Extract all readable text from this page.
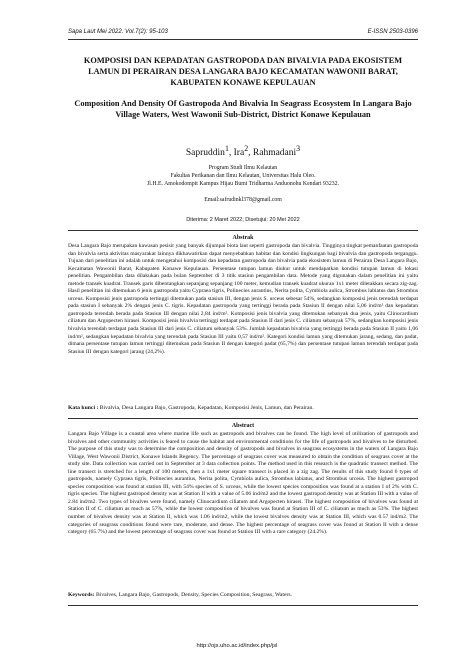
Sapa Laut Mei 2022. Vol.7(2): 95-103	E-ISSN 2503-0396
KOMPOSISI DAN KEPADATAN GASTROPODA DAN BIVALVIA PADA EKOSISTEM LAMUN DI PERAIRAN DESA LANGARA BAJO KECAMATAN WAWONII BARAT, KABUPATEN KONAWE KEPULAUAN
Composition And Density Of Gastropoda And Bivalvia In Seagrass Ecosystem In Langara Bajo Village Waters, West Wawonii Sub-District, District Konawe Kepulauan
Sapruddin$^1$, Ira$^2$, Rahmadani$^3$
Program Studi Ilmu Kelautan
Fakultas Perikanan dan Ilmu Kelautan, Universitas Halu Oleo.
Jl.H.E. Amokodompit Kampus Hijau Bumi Tridharma Anduonohu Kendari 93232.
Email:safrudinkl378@gmail.com
Diterima: 2 Maret 2022; Disetujui: 20 Mei 2022
Abstrak
Desa Langara Bajo merupakan kawasan pesisir yang banyak dijumpai biota laut seperti gastropoda dan bivalvia. Tingginya tingkat pemanfaatan gastropoda dan bivalvia serta aktivitas masyarakat lainnya dikhawatirkan dapat menyebabkan habitat dan kondisi lingkungan bagi bivalvia dan gastropoda terganggu. Tujuan dari penelitian ini adalah untuk mengetahui komposisi dan kepadatan gastropoda dan bivalvia pada ekosistem lamun di Perairan Desa Langara Bajo, Kecamatan Wawonii Barat, Kabupaten Konawe Kepulauan. Persentase tutupan lamun diukur untuk mendapatkan kondisi tutupan lamun di lokasi penelitian. Pengambilan data dilakukan pada bulan September di 3 titik stasiun pengambilan data. Metode yang digunakan dalam penelitian ini yaitu metode transek kuadrat. Transek garis dibentangkan sepanjang sepanjang 100 meter, kemudian transek kuadrat ukuran 1x1 meter diletakkan secara zig-zag. Hasil penelitian ini ditemukan 6 jenis gastropoda yaitu Cypraea tigris, Polinecies aurantius, Nerita polita, Cymbiola aulica, Strombus labiatus dan Strombus urceus. Komposisi jenis gastropoda tertinggi ditemukan pada stasiun III, dengan jenis S. urceus sebesar 54%, sedangkan komposisi jenis terendah terdapat pada stasiun I sebanyak 2% dengan jenis C. tigris. Kepadatan gastropoda yang tertinggi berada pada Stasiun II dengan nilai 5,06 ind/m² dan kepadatan gastropoda terendah berada pada Stasiun III dengan nilai 2,84 ind/m². Komposisi jenis bivalvia yang ditemukan sebanyak dua jenis, yaitu Clinocardium ciliatum dan Argopecten hirasei. Komposisi jenis bivalvia tertinggi terdapat pada Stasiun II dari jenis C. ciliatum sebanyak 57%, sedangkan komposisi jenis bivalvia terendah terdapat pada Stasiun III dari jenis C. ciliatum sebanyak 53%. Jumlah kepadatan bivalvia yang tertinggi berada pada Stasiun II yaitu 1,06 ind/m², sedangkan kepadatan bivalvia yang terendah pada Stasiun III yaitu 0,57 ind/m². Kategori kondisi lamun yang ditemukan jarang, sedang, dan padat, dimana persentase tutupan lamun tertinggi ditemukan pada Stasiun II dengan kategori padat (65,7%) dan persentase tutupan lamun terendah terdapat pada Stasiun III dengan kategori jarang (24,2%).
Kata kunci : Bivalvia, Desa Langara Bajo, Gastropoda, Kepadatan, Komposisi Jenis, Lamun, dan Perairan.
Abstract
Langara Bajo Village is a coastal area where marine life such as gastropods and bivalves can be found. The high level of utilization of gastropods and bivalves and other community activities is feared to cause the habitat and environmental conditions for the life of gastropods and bivalves to be disturbed. The purpose of this study was to determine the composition and density of gastropods and bivalves in seagrass ecosystems in the waters of Langara Bajo Village, West Wawonii District, Konawe Islands Regency. The percentage of seagrass cover was measured to obtain the condition of seagrass cover at the study site. Data collection was carried out in September at 3 data collection points. The method used in this research is the quadratic transect method. The line transect is stretched for a length of 100 meters, then a 1x1 meter square transect is placed in a zig zag. The results of this study found 6 types of gastropods, namely Cypraea tigris, Polinecies aurantius, Nerita polita, Cymbiola aulica, Strombus labiatus, and Strombus urceus. The highest gastropod species composition was found at station III, with 54% species of S. urceus, while the lowest species composition was found at a station I of 2% with C. tigris species. The highest gastropod density was at Station II with a value of 5.06 ind/m2 and the lowest gastropod density was at Station III with a value of 2.84 ind/m2. Two types of bivalves were found, namely Clinocardium ciliatum and Argopecten hirasei. The highest composition of bivalves was found at Station II of C. ciliatum as much as 57%, while the lowest composition of bivalves was found at Station III of C. ciliatum as much as 53%. The highest number of bivalves density was at Station II, which was 1.06 ind/m2, while the lowest bivalves density was at Station III, which was 0.57 ind/m2. The categories of seagrass conditions found were rare, moderate, and dense. The highest percentage of seagrass cover was found at Station II with a dense category (65.7%) and the lowest percentage of seagrass cover was found at Station III with a rare category (24.2%).
Keywords: Bivalves, Langara Bajo, Gastropods, Density, Species Composition, Seagrass, Waters.
http://ojs.uho.ac.id/index.php/jsl
